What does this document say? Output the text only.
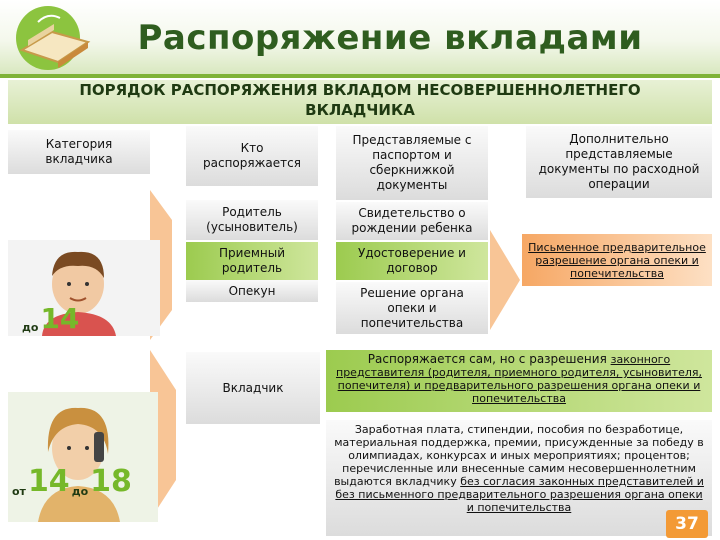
Распоряжение вкладами
ПОРЯДОК РАСПОРЯЖЕНИЯ ВКЛАДОМ НЕСОВЕРШЕННОЛЕТНЕГО
ВКЛАДЧИКА
Категория вкладчика
Кто распоряжается
Представляемые с паспортом и сберкнижкой документы
Дополнительно представляемые документы по расходной операции
до 14
Родитель (усыновитель)
Свидетельство о рождении ребенка
Приемный родитель
Удостоверение и договор
Опекун	Решение органа опеки и попечительства
Письменное предварительное разрешение органа опеки и попечительства
от 14 до 18
Вкладчик
Распоряжается сам, но с разрешения законного представителя (родителя, приемного родителя, усыновителя, попечителя) и предварительного разрешения органа опеки и попечительства
Заработная плата, стипендии, пособия по безработице, материальная поддержка, премии, присужденные за победу в олимпиадах, конкурсах и иных мероприятиях; процентов; перечисленные или внесенные самим несовершеннолетним выдаются вкладчику без согласия законных представителей и без письменного предварительного разрешения органа опеки и попечительства
37
